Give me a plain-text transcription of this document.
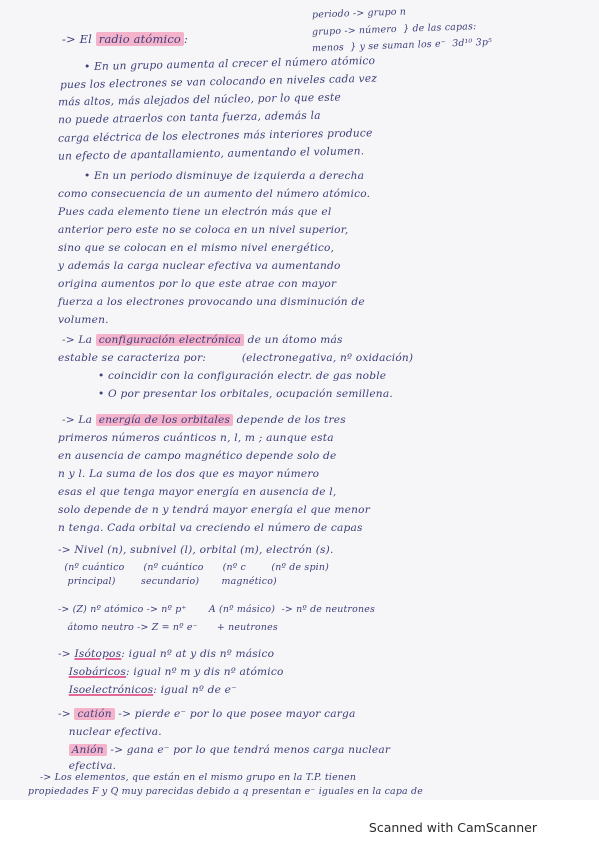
periodo -> grupo n
grupo -> número  } de las capas:
menos  } y se suman los e⁻  3d¹⁰ 3p⁵
-> El radio atómico :
• En un grupo aumenta al crecer el número atómico
pues los electrones se van colocando en niveles cada vez
más altos, más alejados del núcleo, por lo que este
no puede atraerlos con tanta fuerza, además la
carga eléctrica de los electrones más interiores produce
un efecto de apantallamiento, aumentando el volumen.
• En un periodo disminuye de izquierda a derecha
como consecuencia de un aumento del número atómico.
Pues cada elemento tiene un electrón más que el
anterior pero este no se coloca en un nivel superior,
sino que se colocan en el mismo nivel energético,
y además la carga nuclear efectiva va aumentando
origina aumentos por lo que este atrae con mayor
fuerza a los electrones provocando una disminución de
volumen.
-> La configuración electrónica de un átomo más
estable se caracteriza por:          (electronegativa, nº oxidación)
• coincidir con la configuración electr. de gas noble
• O por presentar los orbitales, ocupación semillena.
-> La energía de los orbitales depende de los tres
primeros números cuánticos n, l, m ; aunque esta
en ausencia de campo magnético depende solo de
n y l. La suma de los dos que es mayor número
esas el que tenga mayor energía en ausencia de l,
solo depende de n y tendrá mayor energía el que menor
n tenga. Cada orbital va creciendo el número de capas
-> Nivel (n), subnivel (l), orbital (m), electrón (s).
(nº cuántico      (nº cuántico      (nº c        (nº de spin)
principal)        secundario)       magnético)
-> (Z) nº atómico -> nº p⁺       A (nº másico)  -> nº de neutrones
átomo neutro -> Z = nº e⁻      + neutrones
-> Isótopos: igual nº at y dis nº másico
Isobáricos: igual nº m y dis nº atómico
Isoelectrónicos: igual nº de e⁻
-> catión -> pierde e⁻ por lo que posee mayor carga
nuclear efectiva.
Anión -> gana e⁻ por lo que tendrá menos carga nuclear
efectiva.
-> Los elementos, que están en el mismo grupo en la T.P. tienen
propiedades F y Q muy parecidas debido a q presentan e⁻ iguales en la capa de
Scanned with CamScanner
